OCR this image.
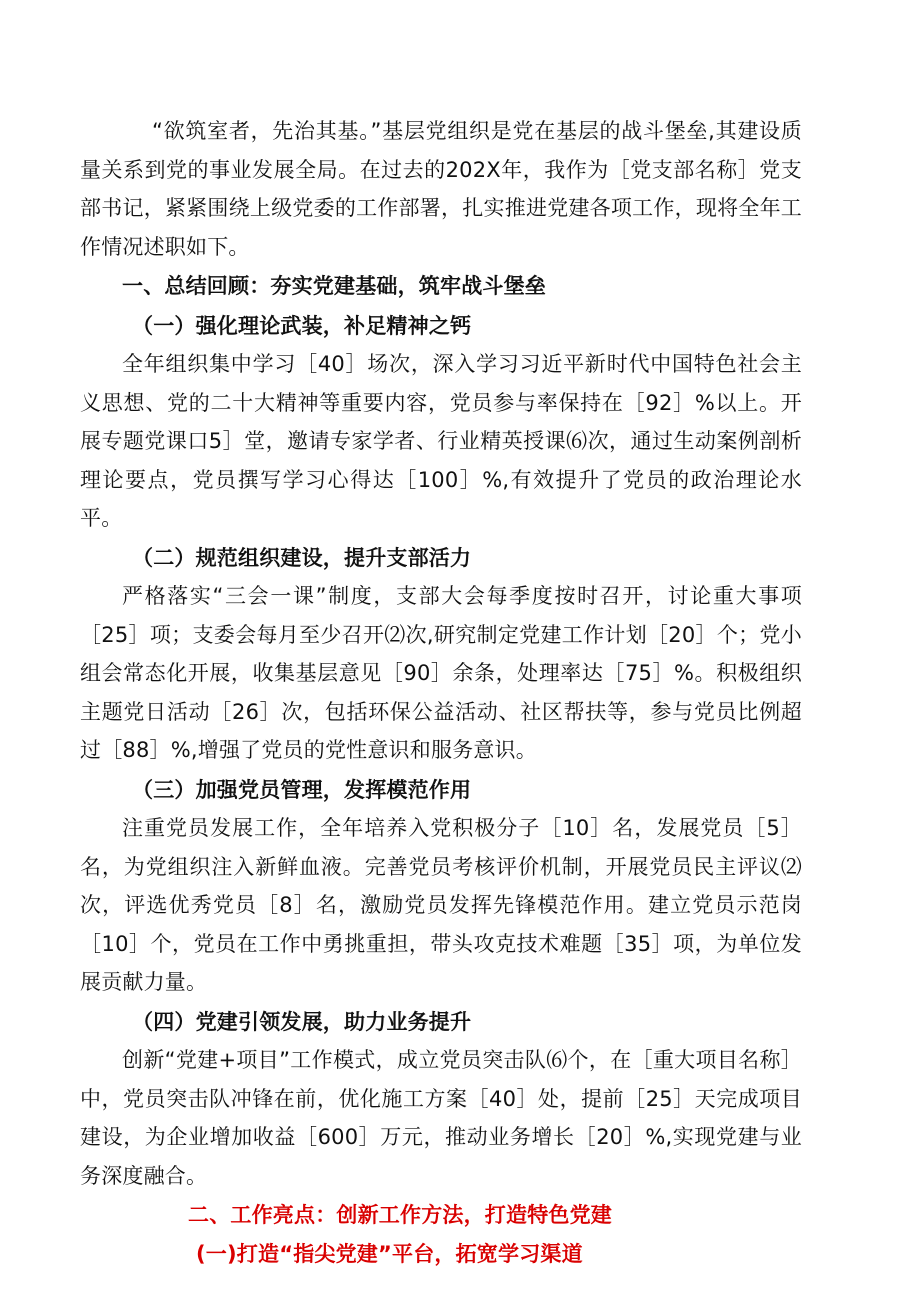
“欲筑室者，先治其基。”基层党组织是党在基层的战斗堡垒,其建设质量关系到党的事业发展全局。在过去的202X年，我作为［党支部名称］党支部书记，紧紧围绕上级党委的工作部署，扎实推进党建各项工作，现将全年工作情况述职如下。

一、总结回顾：夯实党建基础，筑牢战斗堡垒

（一）强化理论武装，补足精神之钙

全年组织集中学习［40］场次，深入学习习近平新时代中国特色社会主义思想、党的二十大精神等重要内容，党员参与率保持在［92］%以上。开展专题党课口5］堂，邀请专家学者、行业精英授课⑹次，通过生动案例剖析理论要点，党员撰写学习心得达［100］%,有效提升了党员的政治理论水平。

（二）规范组织建设，提升支部活力

严格落实“三会一课”制度，支部大会每季度按时召开，讨论重大事项［25］项；支委会每月至少召开⑵次,研究制定党建工作计划［20］个；党小组会常态化开展，收集基层意见［90］余条，处理率达［75］%。积极组织主题党日活动［26］次，包括环保公益活动、社区帮扶等，参与党员比例超过［88］%,增强了党员的党性意识和服务意识。

（三）加强党员管理，发挥模范作用

注重党员发展工作，全年培养入党积极分子［10］名，发展党员［5］名，为党组织注入新鲜血液。完善党员考核评价机制，开展党员民主评议⑵次，评选优秀党员［8］名，激励党员发挥先锋模范作用。建立党员示范岗［10］个，党员在工作中勇挑重担，带头攻克技术难题［35］项，为单位发展贡献力量。

（四）党建引领发展，助力业务提升

创新“党建+项目”工作模式，成立党员突击队⑹个，在［重大项目名称］中，党员突击队冲锋在前，优化施工方案［40］处，提前［25］天完成项目建设，为企业增加收益［600］万元，推动业务增长［20］%,实现党建与业务深度融合。

二、工作亮点：创新工作方法，打造特色党建

(一)打造“指尖党建”平台，拓宽学习渠道
